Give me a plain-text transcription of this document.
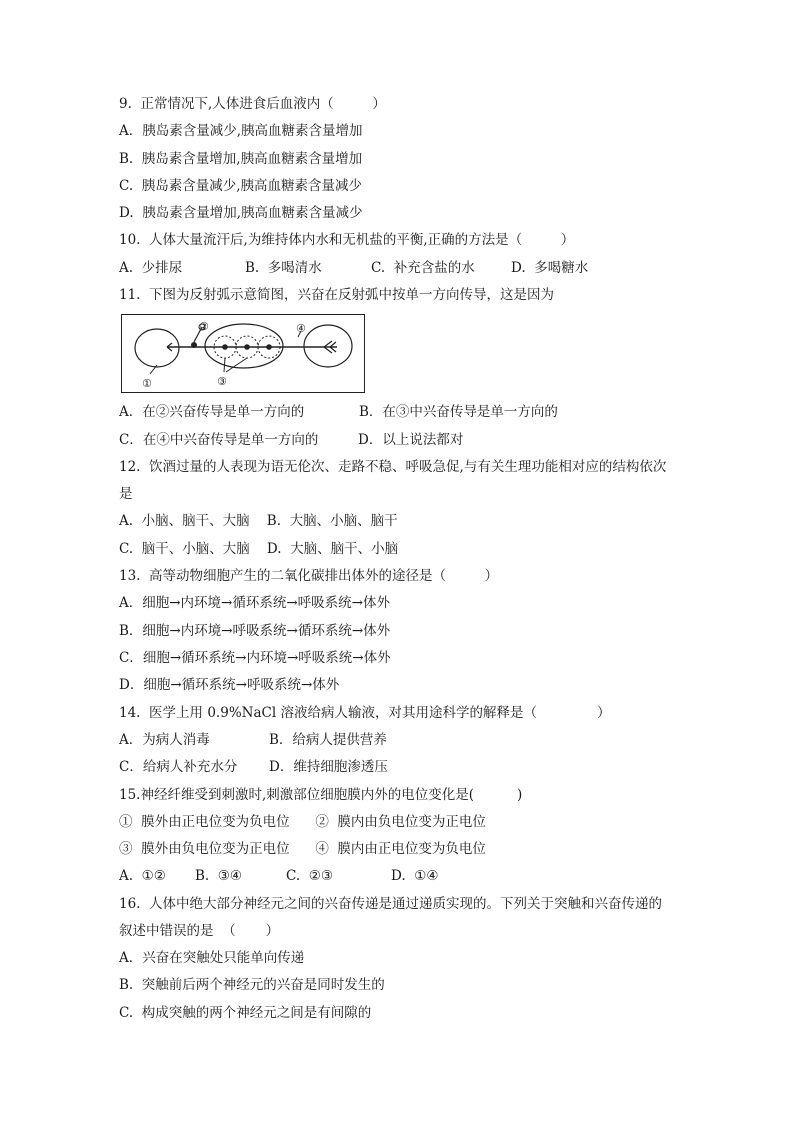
9.  正常情况下,人体进食后血液内（         ）
A．胰岛素含量减少,胰高血糖素含量增加
B.  胰岛素含量增加,胰高血糖素含量增加
C.  胰岛素含量减少,胰高血糖素含量减少
D.  胰岛素含量增加,胰高血糖素含量减少
10.  人体大量流汗后,为维持体内水和无机盐的平衡,正确的方法是（         ）
A.  少排尿	B.  多喝清水	C.  补充含盐的水	D.  多喝糖水
11.  下图为反射弧示意简图，兴奋在反射弧中按单一方向传导，这是因为
①
②
③
④
A．在②兴奋传导是单一方向的	B．在③中兴奋传导是单一方向的
C．在④中兴奋传导是单一方向的	D．以上说法都对
12.  饮酒过量的人表现为语无伦次、走路不稳、呼吸急促,与有关生理功能相对应的结构依次
是
A.  小脑、脑干、大脑    B.  大脑、小脑、脑干
C.  脑干、小脑、大脑    D.  大脑、脑干、小脑
13.  高等动物细胞产生的二氧化碳排出体外的途径是（         ）
A．细胞→内环境→循环系统→呼吸系统→体外
B．细胞→内环境→呼吸系统→循环系统→体外
C．细胞→循环系统→内环境→呼吸系统→体外
D．细胞→循环系统→呼吸系统→体外
14.  医学上用 0.9%NaCl 溶液给病人输液，对其用途科学的解释是（              ）
A．为病人消毒	B．给病人提供营养
C．给病人补充水分 D．维持细胞渗透压
15.神经纤维受到刺激时,刺激部位细胞膜内外的电位变化是(          )
①  膜外由正电位变为负电位      ②  膜内由负电位变为正电位
③  膜外由负电位变为正电位      ④  膜内由正电位变为负电位
A.  ①② B.  ③④	C.  ②③	D.  ①④
16.  人体中绝大部分神经元之间的兴奋传递是通过递质实现的。下列关于突触和兴奋传递的
叙述中错误的是  （       ）
A．兴奋在突触处只能单向传递
B.  突触前后两个神经元的兴奋是同时发生的
C.  构成突触的两个神经元之间是有间隙的
